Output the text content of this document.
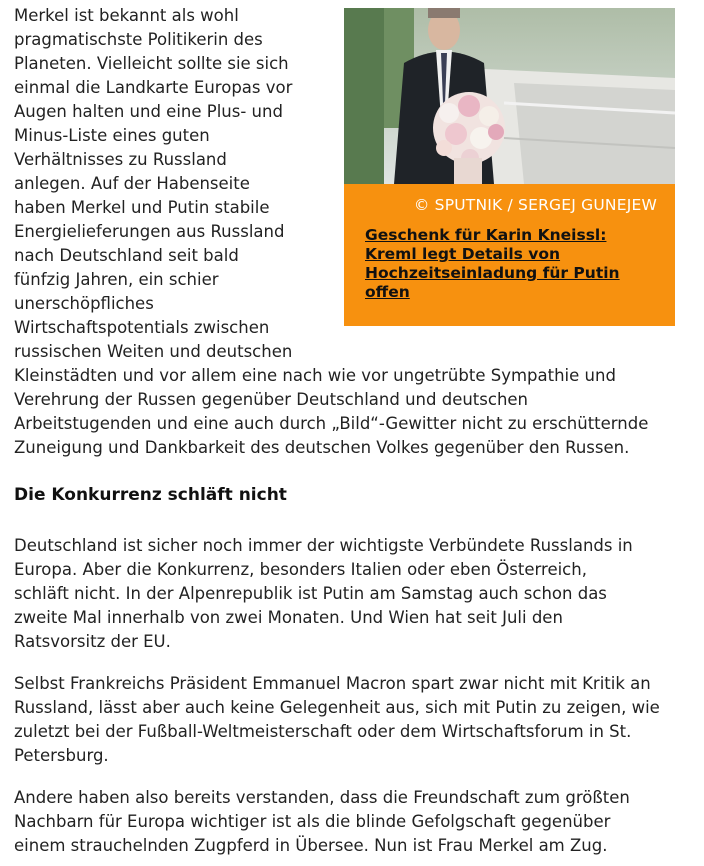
Merkel ist bekannt als wohl

pragmatischste Politikerin des

Planeten. Vielleicht sollte sie sich

einmal die Landkarte Europas vor

Augen halten und eine Plus- und

Minus-Liste eines guten

Verhältnisses zu Russland

anlegen. Auf der Habenseite

haben Merkel und Putin stabile

Energielieferungen aus Russland

nach Deutschland seit bald

fünfzig Jahren, ein schier

unerschöpfliches

Wirtschaftspotentials zwischen

russischen Weiten und deutschen

Kleinstädten und vor allem eine nach wie vor ungetrübte Sympathie und

Verehrung der Russen gegenüber Deutschland und deutschen

Arbeitstugenden und eine auch durch „Bild“-Gewitter nicht zu erschütternde

Zuneigung und Dankbarkeit des deutschen Volkes gegenüber den Russen.

© SPUTNIK / SERGEJ GUNEJEW

Geschenk für Karin Kneissl: Kreml legt Details von Hochzeitseinladung für Putin offen
Die Konkurrenz schläft nicht

Deutschland ist sicher noch immer der wichtigste Verbündete Russlands in Europa. Aber die Konkurrenz, besonders Italien oder eben Österreich, schläft nicht. In der Alpenrepublik ist Putin am Samstag auch schon das zweite Mal innerhalb von zwei Monaten. Und Wien hat seit Juli den Ratsvorsitz der EU.

Selbst Frankreichs Präsident Emmanuel Macron spart zwar nicht mit Kritik an Russland, lässt aber auch keine Gelegenheit aus, sich mit Putin zu zeigen, wie zuletzt bei der Fußball-Weltmeisterschaft oder dem Wirtschaftsforum in St. Petersburg.

Andere haben also bereits verstanden, dass die Freundschaft zum größten Nachbarn für Europa wichtiger ist als die blinde Gefolgschaft gegenüber einem strauchelnden Zugpferd in Übersee. Nun ist Frau Merkel am Zug.
